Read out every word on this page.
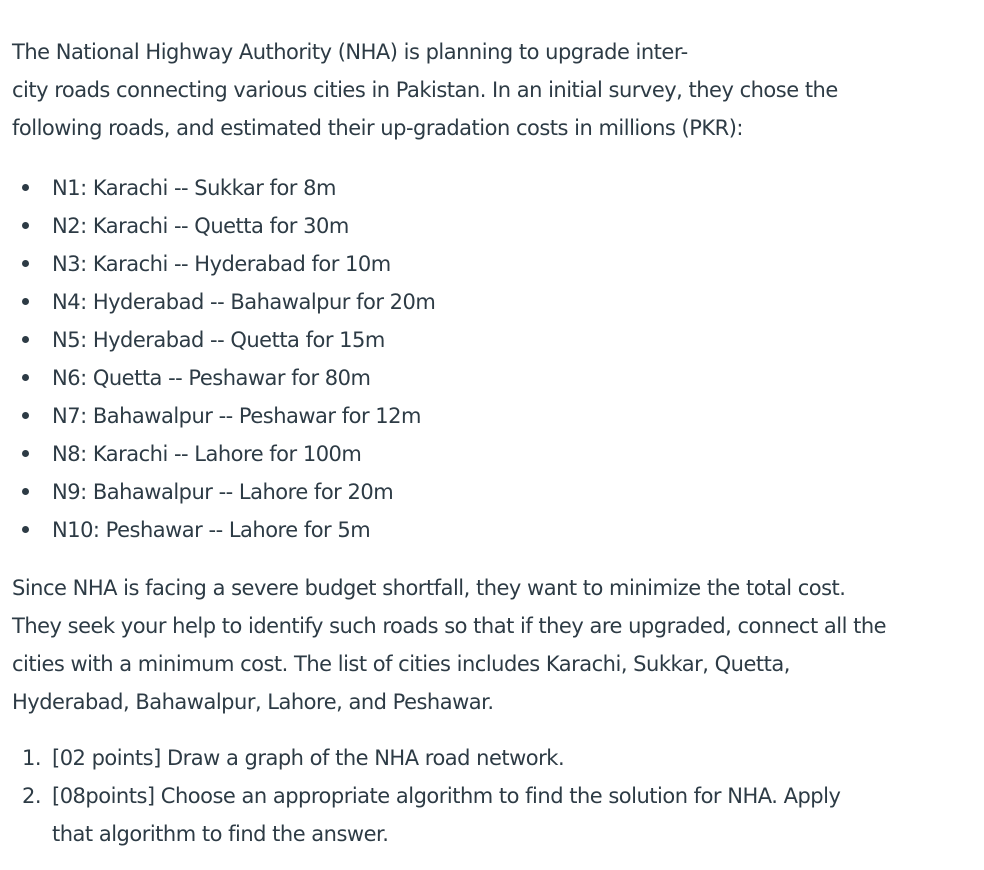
The National Highway Authority (NHA) is planning to upgrade inter-

city roads connecting various cities in Pakistan. In an initial survey, they chose the

following roads, and estimated their up-gradation costs in millions (PKR):

N1: Karachi -- Sukkar for 8m
N2: Karachi -- Quetta for 30m
N3: Karachi -- Hyderabad for 10m
N4: Hyderabad -- Bahawalpur for 20m
N5: Hyderabad -- Quetta for 15m
N6: Quetta -- Peshawar for 80m
N7: Bahawalpur -- Peshawar for 12m
N8: Karachi -- Lahore for 100m
N9: Bahawalpur -- Lahore for 20m
N10: Peshawar -- Lahore for 5m
Since NHA is facing a severe budget shortfall, they want to minimize the total cost.
They seek your help to identify such roads so that if they are upgraded, connect all the
cities with a minimum cost. The list of cities includes Karachi, Sukkar, Quetta,
Hyderabad, Bahawalpur, Lahore, and Peshawar.
1. [02 points] Draw a graph of the NHA road network.
2. [08points] Choose an appropriate algorithm to find the solution for NHA. Apply
that algorithm to find the answer.
